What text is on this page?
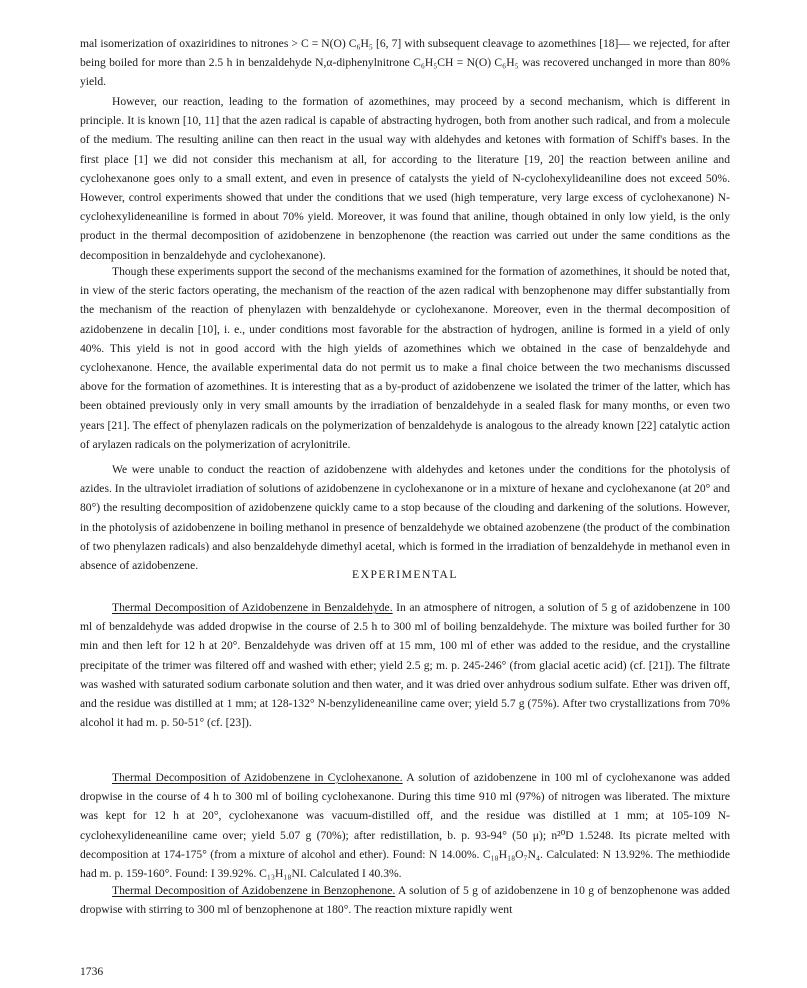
mal isomerization of oxaziridines to nitrones > C = N(O) C₆H₅ [6, 7] with subsequent cleavage to azomethines [18]— we rejected, for after being boiled for more than 2.5 h in benzaldehyde N,α-diphenylnitrone C₆H₅CH = N(O) C₆H₅ was recovered unchanged in more than 80% yield.

However, our reaction, leading to the formation of azomethines, may proceed by a second mechanism, which is different in principle. It is known [10, 11] that the azen radical is capable of abstracting hydrogen, both from another such radical, and from a molecule of the medium. The resulting aniline can then react in the usual way with aldehydes and ketones with formation of Schiff's bases. In the first place [1] we did not consider this mechanism at all, for according to the literature [19, 20] the reaction between aniline and cyclohexanone goes only to a small extent, and even in presence of catalysts the yield of N-cyclohexylideaniline does not exceed 50%. However, control experiments showed that under the conditions that we used (high temperature, very large excess of cyclohexanone) N-cyclohexylideneaniline is formed in about 70% yield. Moreover, it was found that aniline, though obtained in only low yield, is the only product in the thermal decomposition of azidobenzene in benzophenone (the reaction was carried out under the same conditions as the decomposition in benzaldehyde and cyclohexanone).

Though these experiments support the second of the mechanisms examined for the formation of azomethines, it should be noted that, in view of the steric factors operating, the mechanism of the reaction of the azen radical with benzophenone may differ substantially from the mechanism of the reaction of phenylazen with benzaldehyde or cyclohexanone. Moreover, even in the thermal decomposition of azidobenzene in decalin [10], i. e., under conditions most favorable for the abstraction of hydrogen, aniline is formed in a yield of only 40%. This yield is not in good accord with the high yields of azomethines which we obtained in the case of benzaldehyde and cyclohexanone. Hence, the available experimental data do not permit us to make a final choice between the two mechanisms discussed above for the formation of azomethines. It is interesting that as a by-product of azidobenzene we isolated the trimer of the latter, which has been obtained previously only in very small amounts by the irradiation of benzaldehyde in a sealed flask for many months, or even two years [21]. The effect of phenylazen radicals on the polymerization of benzaldehyde is analogous to the already known [22] catalytic action of arylazen radicals on the polymerization of acrylonitrile.

We were unable to conduct the reaction of azidobenzene with aldehydes and ketones under the conditions for the photolysis of azides. In the ultraviolet irradiation of solutions of azidobenzene in cyclohexanone or in a mixture of hexane and cyclohexanone (at 20° and 80°) the resulting decomposition of azidobenzene quickly came to a stop because of the clouding and darkening of the solutions. However, in the photolysis of azidobenzene in boiling methanol in presence of benzaldehyde we obtained azobenzene (the product of the combination of two phenylazen radicals) and also benzaldehyde dimethyl acetal, which is formed in the irradiation of benzaldehyde in methanol even in absence of azidobenzene.

EXPERIMENTAL

Thermal Decomposition of Azidobenzene in Benzaldehyde. In an atmosphere of nitrogen, a solution of 5 g of azidobenzene in 100 ml of benzaldehyde was added dropwise in the course of 2.5 h to 300 ml of boiling benzaldehyde. The mixture was boiled further for 30 min and then left for 12 h at 20°. Benzaldehyde was driven off at 15 mm, 100 ml of ether was added to the residue, and the crystalline precipitate of the trimer was filtered off and washed with ether; yield 2.5 g; m. p. 245-246° (from glacial acetic acid) (cf. [21]). The filtrate was washed with saturated sodium carbonate solution and then water, and it was dried over anhydrous sodium sulfate. Ether was driven off, and the residue was distilled at 1 mm; at 128-132° N-benzylideneaniline came over; yield 5.7 g (75%). After two crystallizations from 70% alcohol it had m. p. 50-51° (cf. [23]).

Thermal Decomposition of Azidobenzene in Cyclohexanone. A solution of azidobenzene in 100 ml of cyclohexanone was added dropwise in the course of 4 h to 300 ml of boiling cyclohexanone. During this time 910 ml (97%) of nitrogen was liberated. The mixture was kept for 12 h at 20°, cyclohexanone was vacuum-distilled off, and the residue was distilled at 1 mm; at 105-109 N-cyclohexylideneaniline came over; yield 5.07 g (70%); after redistillation, b. p. 93-94° (50 μ); n²⁰D 1.5248. Its picrate melted with decomposition at 174-175° (from a mixture of alcohol and ether). Found: N 14.00%. C₁₈H₁₈O₇N₄. Calculated: N 13.92%. The methiodide had m. p. 159-160°. Found: I 39.92%. C₁₃H₁₈NI. Calculated I 40.3%.

Thermal Decomposition of Azidobenzene in Benzophenone. A solution of 5 g of azidobenzene in 10 g of benzophenone was added dropwise with stirring to 300 ml of benzophenone at 180°. The reaction mixture rapidly went

1736
